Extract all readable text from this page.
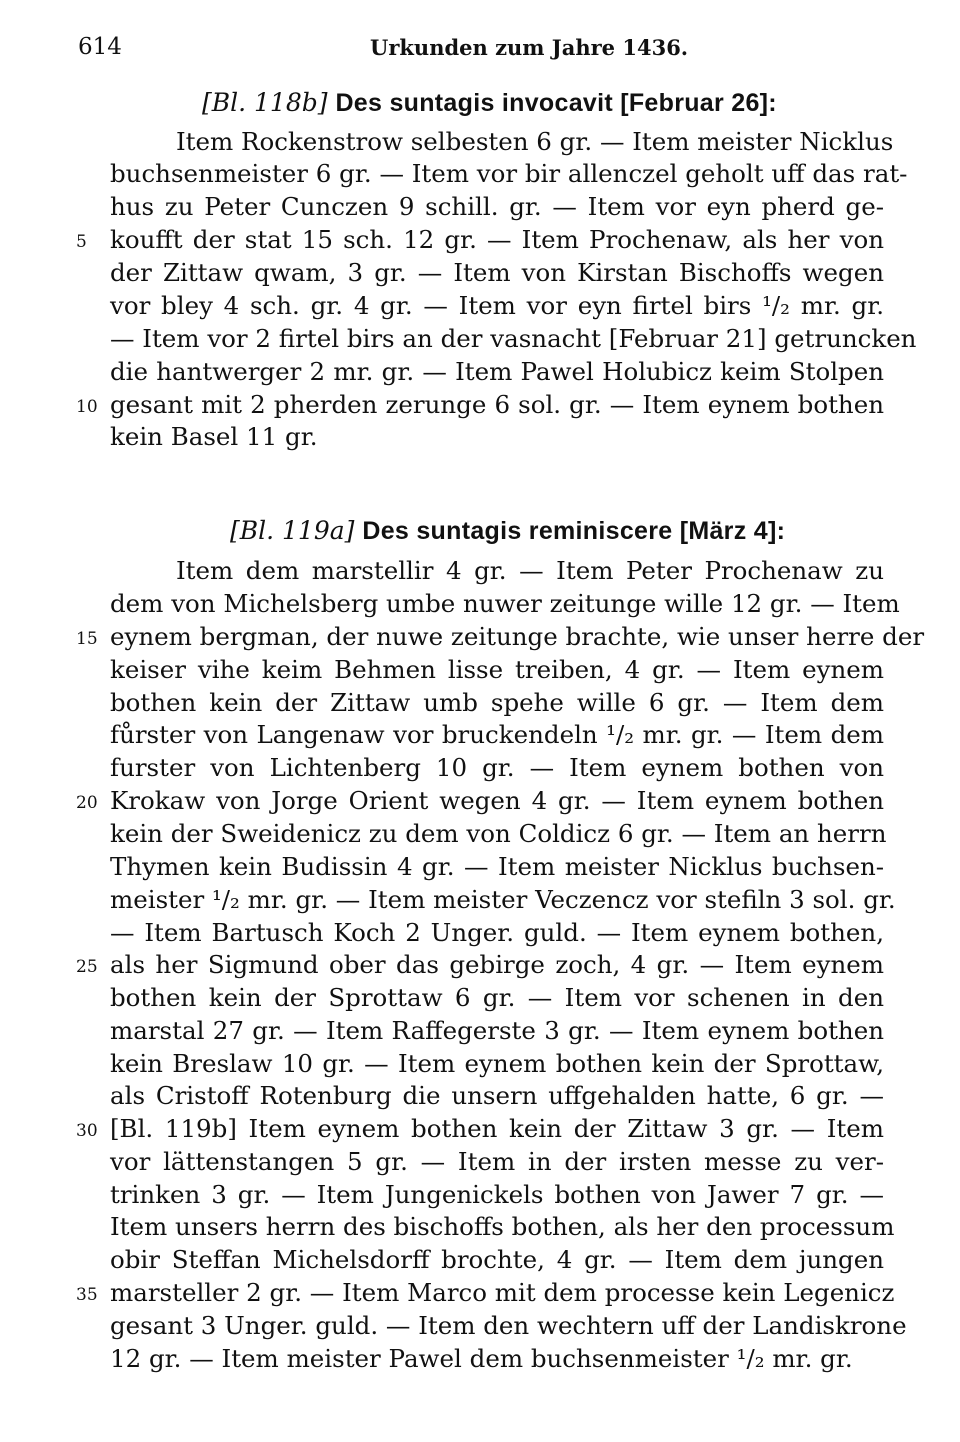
614	Urkunden zum Jahre 1436.
[Bl. 118b] Des suntagis invocavit [Februar 26]:
Item Rockenstrow selbesten 6 gr. — Item meister Nicklus
buchsenmeister 6 gr. — Item vor bir allenczel geholt uff das rat-
hus zu Peter Cunczen 9 schill. gr. — Item vor eyn pherd ge-
koufft der stat 15 sch. 12 gr. — Item Prochenaw, als her von
der Zittaw qwam, 3 gr. — Item von Kirstan Bischoffs wegen
vor bley 4 sch. gr. 4 gr. — Item vor eyn firtel birs ¹/₂ mr. gr.
— Item vor 2 firtel birs an der vasnacht [Februar 21] getruncken
die hantwerger 2 mr. gr. — Item Pawel Holubicz keim Stolpen
gesant mit 2 pherden zerunge 6 sol. gr. — Item eynem bothen
kein Basel 11 gr.
[Bl. 119a] Des suntagis reminiscere [März 4]:
Item dem marstellir 4 gr. — Item Peter Prochenaw zu
dem von Michelsberg umbe nuwer zeitunge wille 12 gr. — Item
eynem bergman, der nuwe zeitunge brachte, wie unser herre der
keiser vihe keim Behmen lisse treiben, 4 gr. — Item eynem
bothen kein der Zittaw umb spehe wille 6 gr. — Item dem
fůrster von Langenaw vor bruckendeln ¹/₂ mr. gr. — Item dem
furster von Lichtenberg 10 gr. — Item eynem bothen von
Krokaw von Jorge Orient wegen 4 gr. — Item eynem bothen
kein der Sweidenicz zu dem von Coldicz 6 gr. — Item an herrn
Thymen kein Budissin 4 gr. — Item meister Nicklus buchsen-
meister ¹/₂ mr. gr. — Item meister Veczencz vor stefiln 3 sol. gr.
— Item Bartusch Koch 2 Unger. guld. — Item eynem bothen,
als her Sigmund ober das gebirge zoch, 4 gr. — Item eynem
bothen kein der Sprottaw 6 gr. — Item vor schenen in den
marstal 27 gr. — Item Raffegerste 3 gr. — Item eynem bothen
kein Breslaw 10 gr. — Item eynem bothen kein der Sprottaw,
als Cristoff Rotenburg die unsern uffgehalden hatte, 6 gr. —
[Bl. 119b] Item eynem bothen kein der Zittaw 3 gr. — Item
vor lättenstangen 5 gr. — Item in der irsten messe zu ver-
trinken 3 gr. — Item Jungenickels bothen von Jawer 7 gr. —
Item unsers herrn des bischoffs bothen, als her den processum
obir Steffan Michelsdorff brochte, 4 gr. — Item dem jungen
marsteller 2 gr. — Item Marco mit dem processe kein Legenicz
gesant 3 Unger. guld. — Item den wechtern uff der Landiskrone
12 gr. — Item meister Pawel dem buchsenmeister ¹/₂ mr. gr.
5
10
15
20
25
30
35
